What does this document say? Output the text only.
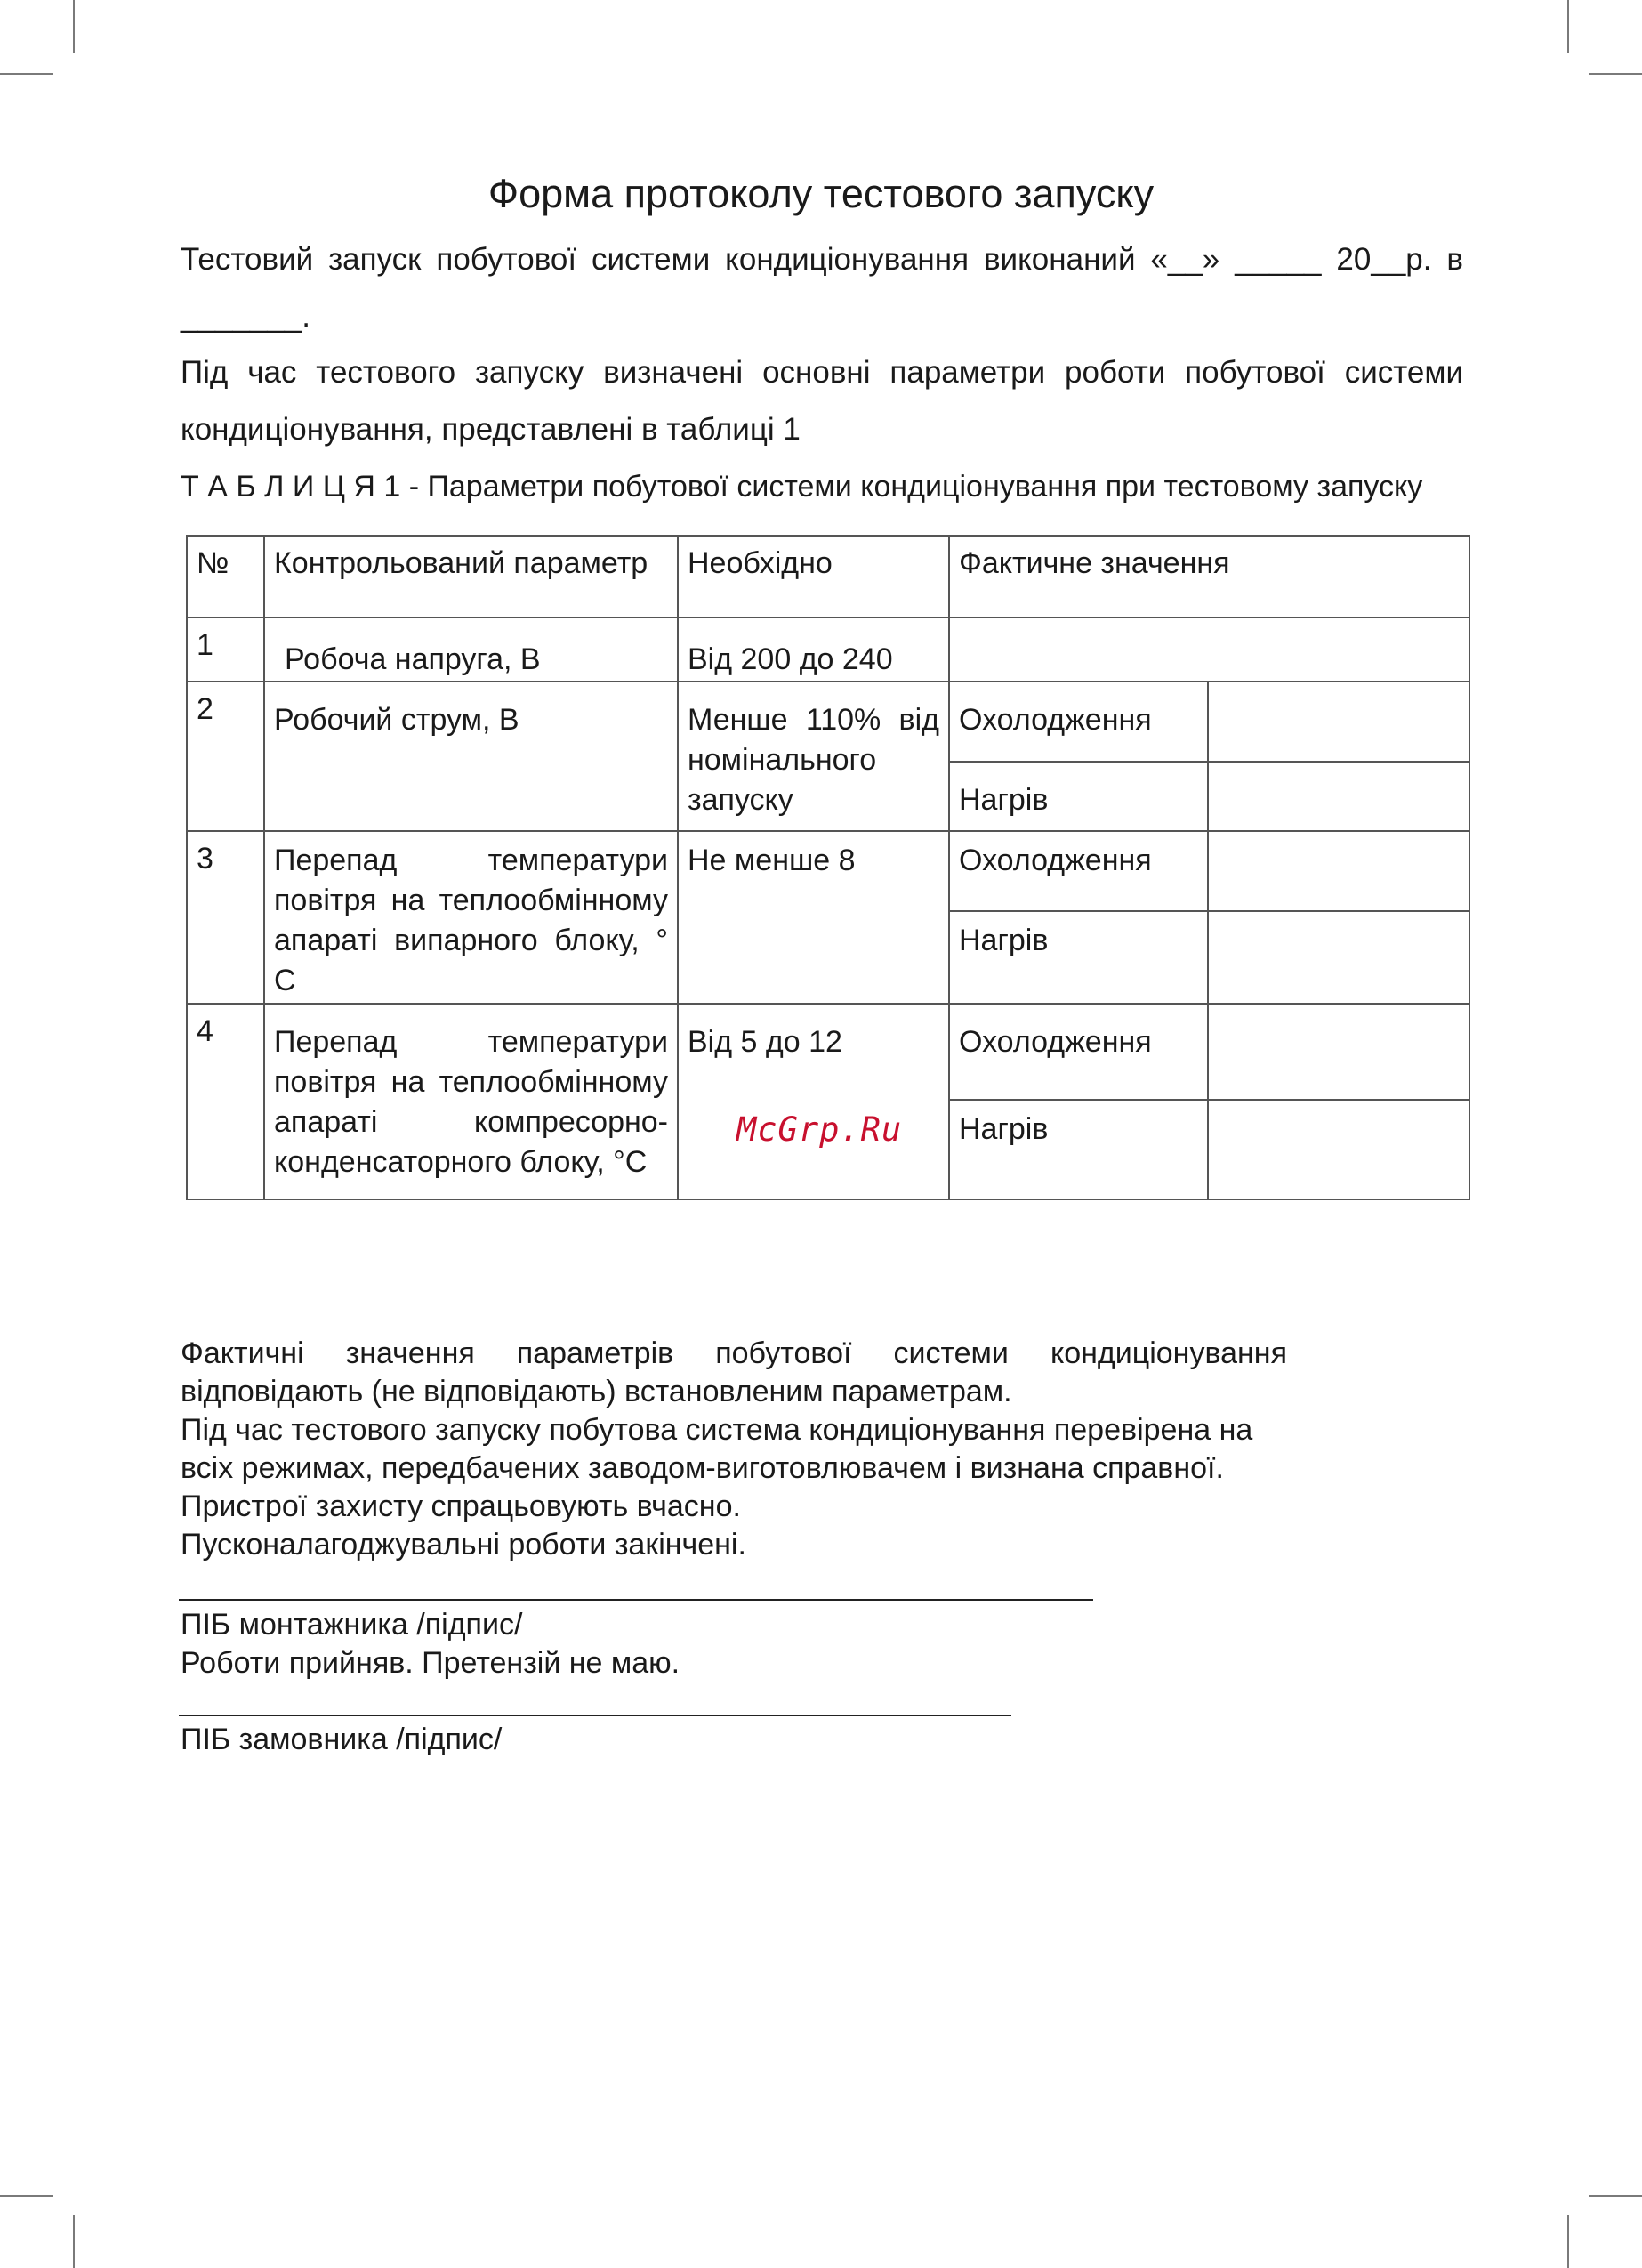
Форма протоколу тестового запуску
Тестовий запуск побутової системи кондиціонування виконаний «__» _____ 20__р. в _______.
Під час тестового запуску визначені основні параметри роботи побутової системи кондиціонування, представлені в таблиці 1
Т А Б Л И Ц Я 1 - Параметри побутової системи кондиціонування при тестовому запуску
№	Контрольований параметр	Необхідно	Фактичне значення	
1	Робоча напруга, В	Від 200 до 240		
2	Робочий струм, В	Менше 110% від номінального запуску	Охолодження	
			Нагрів	
3	Перепад температури повітря на теплообмінному апараті випарного блоку, ° С	Не менше 8	Охолодження	
			Нагрів	
4	Перепад температури повітря на теплообмінному апараті компресорно-конденсаторного блоку, °С	Від 5 до 12	Охолодження	
			Нагрів	
McGrp.Ru
Фактичні значення параметрів побутової системи кондиціонування
відповідають (не відповідають) встановленим параметрам.
Під час тестового запуску побутова система кондиціонування перевірена на
всіх режимах, передбачених заводом-виготовлювачем і визнана справної.
Пристрої захисту спрацьовують вчасно.
Пусконалагоджувальні роботи закінчені.
ПІБ монтажника /підпис/
Роботи прийняв. Претензій не маю.
ПІБ замовника /підпис/
